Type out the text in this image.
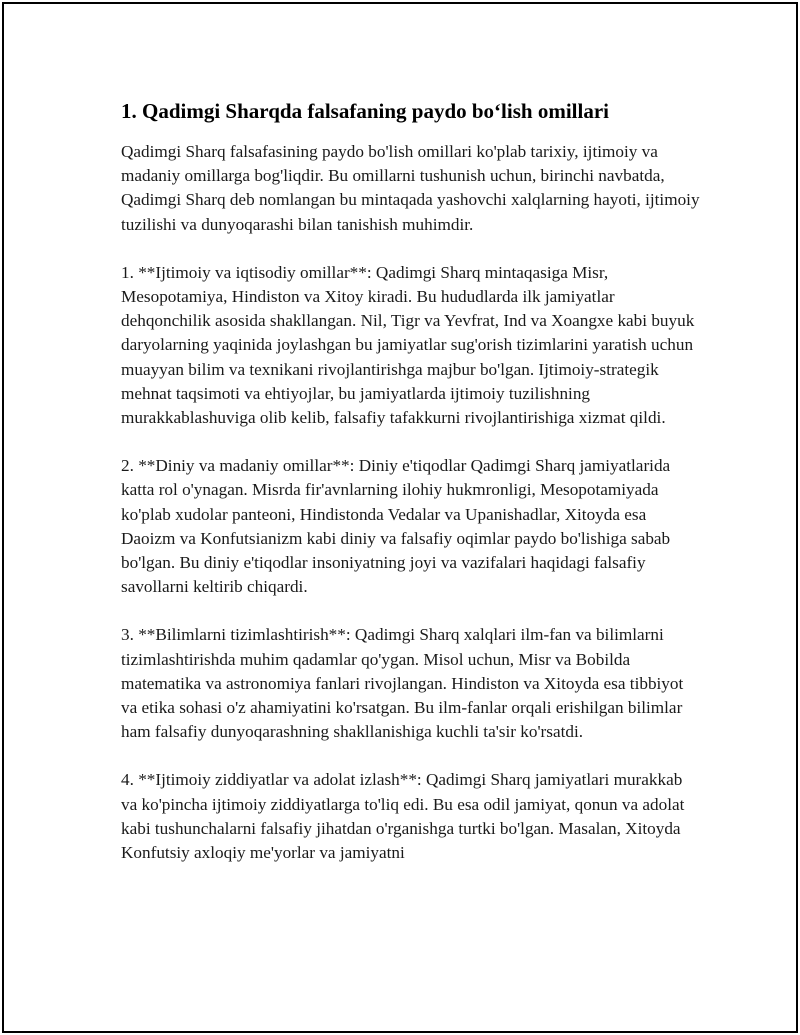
1. Qadimgi Sharqda falsafaning paydo bo‘lish omillari

Qadimgi Sharq falsafasining paydo bo'lish omillari ko'plab tarixiy, ijtimoiy va madaniy omillarga bog'liqdir. Bu omillarni tushunish uchun, birinchi navbatda, Qadimgi Sharq deb nomlangan bu mintaqada yashovchi xalqlarning hayoti, ijtimoiy tuzilishi va dunyoqarashi bilan tanishish muhimdir.

1. **Ijtimoiy va iqtisodiy omillar**: Qadimgi Sharq mintaqasiga Misr, Mesopotamiya, Hindiston va Xitoy kiradi. Bu hududlarda ilk jamiyatlar dehqonchilik asosida shakllangan. Nil, Tigr va Yevfrat, Ind va Xoangxe kabi buyuk daryolarning yaqinida joylashgan bu jamiyatlar sug'orish tizimlarini yaratish uchun muayyan bilim va texnikani rivojlantirishga majbur bo'lgan. Ijtimoiy-strategik mehnat taqsimoti va ehtiyojlar, bu jamiyatlarda ijtimoiy tuzilishning murakkablashuviga olib kelib, falsafiy tafakkurni rivojlantirishiga xizmat qildi.

2. **Diniy va madaniy omillar**: Diniy e'tiqodlar Qadimgi Sharq jamiyatlarida katta rol o'ynagan. Misrda fir'avnlarning ilohiy hukmronligi, Mesopotamiyada ko'plab xudolar panteoni, Hindistonda Vedalar va Upanishadlar, Xitoyda esa Daoizm va Konfutsianizm kabi diniy va falsafiy oqimlar paydo bo'lishiga sabab bo'lgan. Bu diniy e'tiqodlar insoniyatning joyi va vazifalari haqidagi falsafiy savollarni keltirib chiqardi.

3. **Bilimlarni tizimlashtirish**: Qadimgi Sharq xalqlari ilm-fan va bilimlarni tizimlashtirishda muhim qadamlar qo'ygan. Misol uchun, Misr va Bobilda matematika va astronomiya fanlari rivojlangan. Hindiston va Xitoyda esa tibbiyot va etika sohasi o'z ahamiyatini ko'rsatgan. Bu ilm-fanlar orqali erishilgan bilimlar ham falsafiy dunyoqarashning shakllanishiga kuchli ta'sir ko'rsatdi.

4. **Ijtimoiy ziddiyatlar va adolat izlash**: Qadimgi Sharq jamiyatlari murakkab va ko'pincha ijtimoiy ziddiyatlarga to'liq edi. Bu esa odil jamiyat, qonun va adolat kabi tushunchalarni falsafiy jihatdan o'rganishga turtki bo'lgan. Masalan, Xitoyda Konfutsiy axloqiy me'yorlar va jamiyatni
